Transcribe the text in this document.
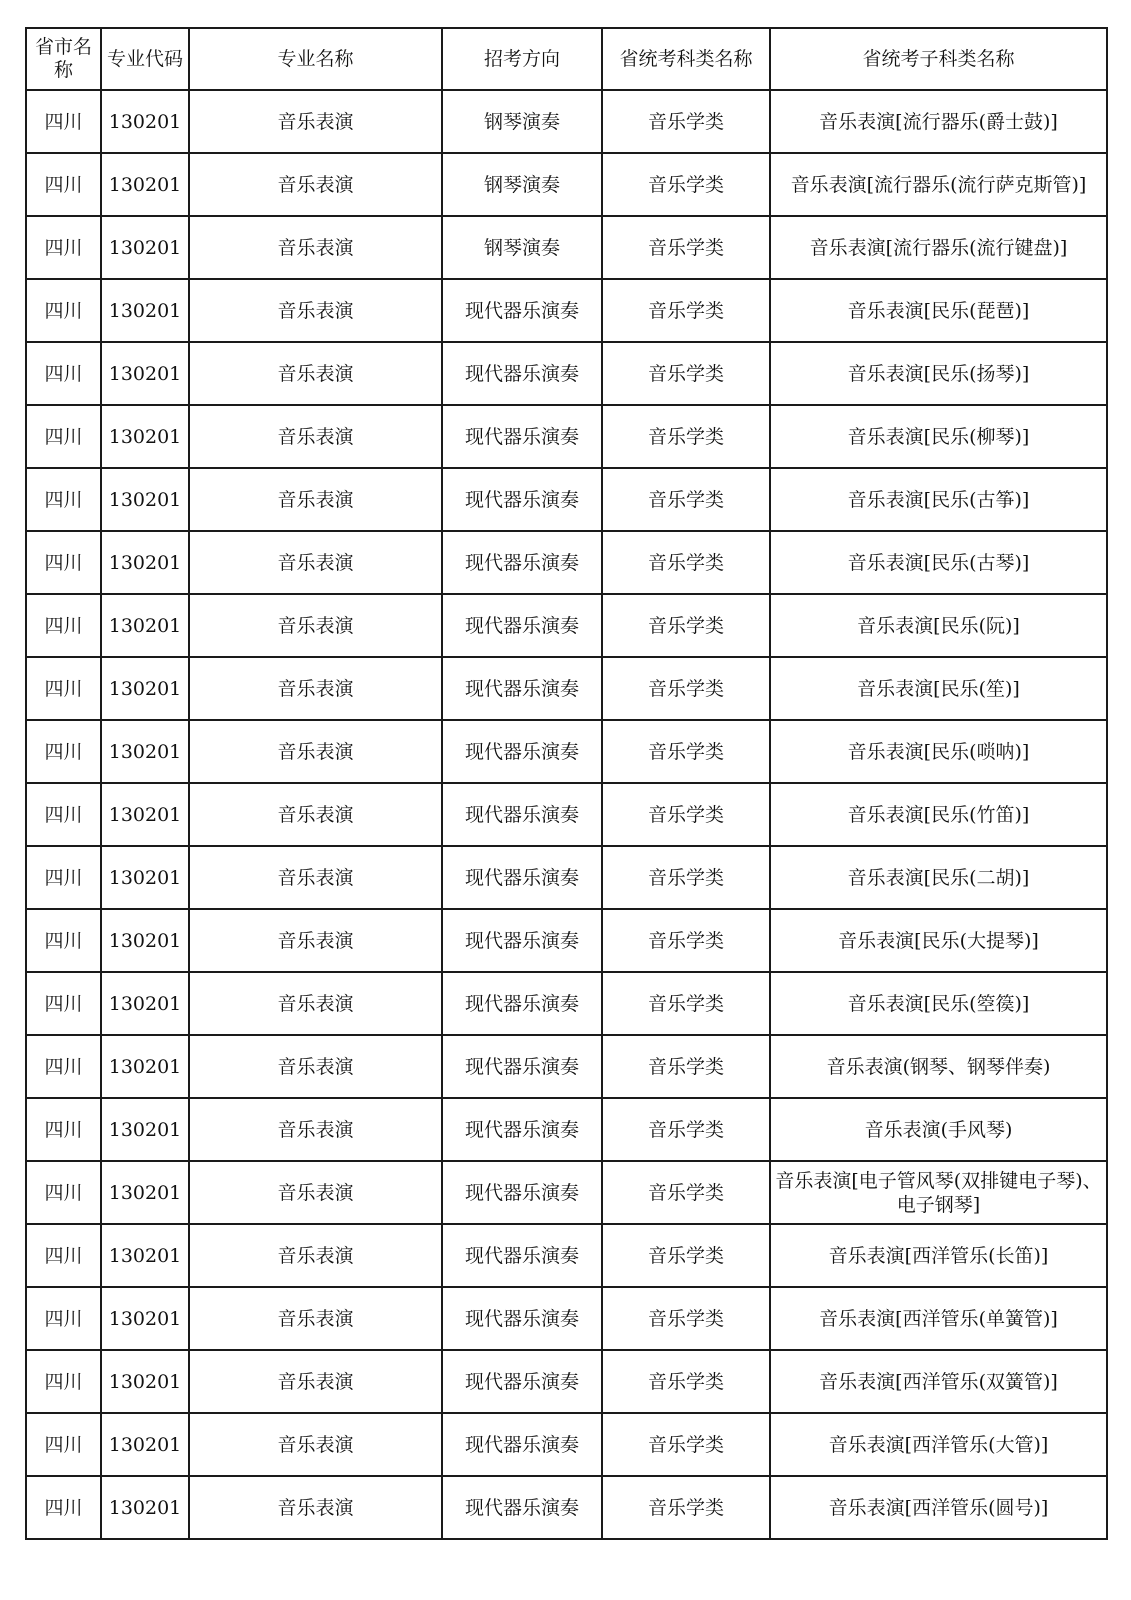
省市名称	专业代码	专业名称	招考方向	省统考科类名称	省统考子科类名称
四川	130201	音乐表演	钢琴演奏	音乐学类	音乐表演[流行器乐(爵士鼓)]
四川	130201	音乐表演	钢琴演奏	音乐学类	音乐表演[流行器乐(流行萨克斯管)]
四川	130201	音乐表演	钢琴演奏	音乐学类	音乐表演[流行器乐(流行键盘)]
四川	130201	音乐表演	现代器乐演奏	音乐学类	音乐表演[民乐(琵琶)]
四川	130201	音乐表演	现代器乐演奏	音乐学类	音乐表演[民乐(扬琴)]
四川	130201	音乐表演	现代器乐演奏	音乐学类	音乐表演[民乐(柳琴)]
四川	130201	音乐表演	现代器乐演奏	音乐学类	音乐表演[民乐(古筝)]
四川	130201	音乐表演	现代器乐演奏	音乐学类	音乐表演[民乐(古琴)]
四川	130201	音乐表演	现代器乐演奏	音乐学类	音乐表演[民乐(阮)]
四川	130201	音乐表演	现代器乐演奏	音乐学类	音乐表演[民乐(笙)]
四川	130201	音乐表演	现代器乐演奏	音乐学类	音乐表演[民乐(唢呐)]
四川	130201	音乐表演	现代器乐演奏	音乐学类	音乐表演[民乐(竹笛)]
四川	130201	音乐表演	现代器乐演奏	音乐学类	音乐表演[民乐(二胡)]
四川	130201	音乐表演	现代器乐演奏	音乐学类	音乐表演[民乐(大提琴)]
四川	130201	音乐表演	现代器乐演奏	音乐学类	音乐表演[民乐(箜篌)]
四川	130201	音乐表演	现代器乐演奏	音乐学类	音乐表演(钢琴、钢琴伴奏)
四川	130201	音乐表演	现代器乐演奏	音乐学类	音乐表演(手风琴)
四川	130201	音乐表演	现代器乐演奏	音乐学类	音乐表演[电子管风琴(双排键电子琴)、电子钢琴]
四川	130201	音乐表演	现代器乐演奏	音乐学类	音乐表演[西洋管乐(长笛)]
四川	130201	音乐表演	现代器乐演奏	音乐学类	音乐表演[西洋管乐(单簧管)]
四川	130201	音乐表演	现代器乐演奏	音乐学类	音乐表演[西洋管乐(双簧管)]
四川	130201	音乐表演	现代器乐演奏	音乐学类	音乐表演[西洋管乐(大管)]
四川	130201	音乐表演	现代器乐演奏	音乐学类	音乐表演[西洋管乐(圆号)]
